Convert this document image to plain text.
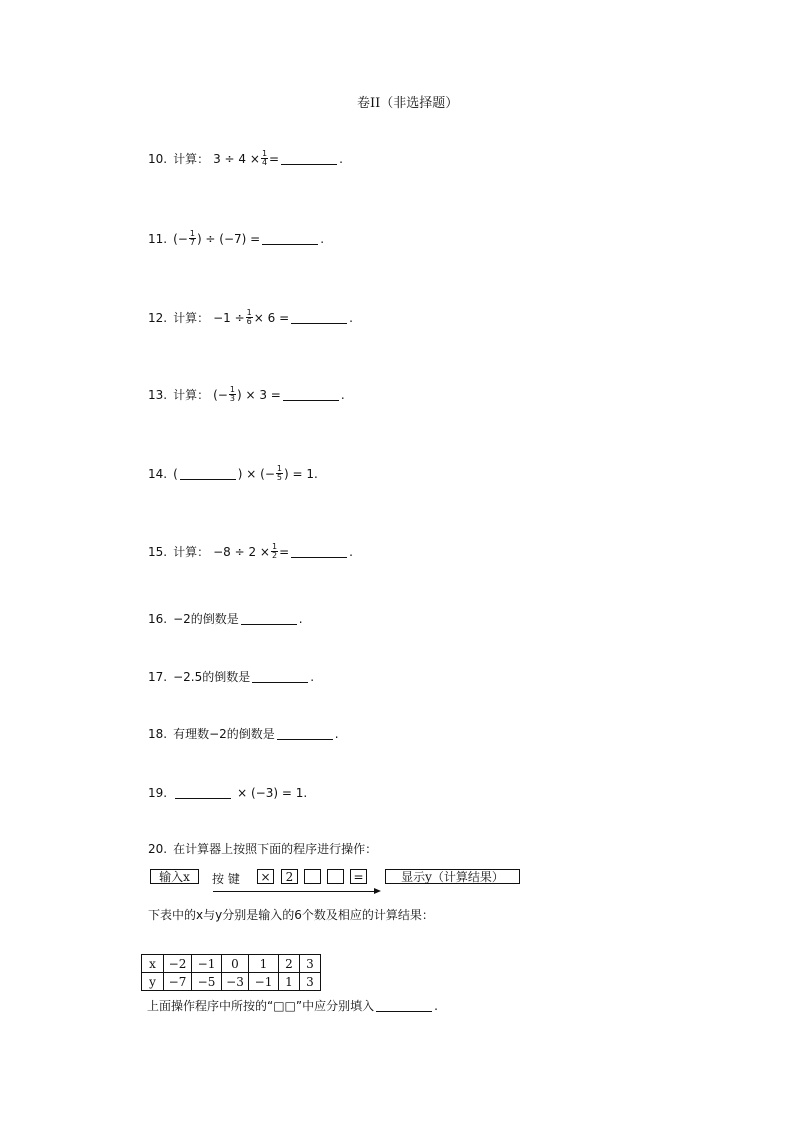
卷II（非选择题）
10. 计算： $3 \div 4 \times \frac{1}{4}$ =	.
11. (− $\frac{1}{7}$ ) ÷ (−7) =	.
12. 计算： $-1 \div \frac{1}{6} \times 6$ =	.
13. 计算： (− $\frac{1}{3}$ ) × 3 =	.
14. (	) × (− $\frac{1}{5}$ ) = 1 .
15. 计算： $-8 \div 2 \times \frac{1}{2}$ =	.
16. −2的倒数是	.
17. −2.5的倒数是	.
18. 有理数−2的倒数是	.
19.	× (−3) = 1 .
20. 在计算器上按照下面的程序进行操作：
输入x	按 键 ×	2	=	显示y（计算结果）
下表中的x与y分别是输入的6个数及相应的计算结果：
x	−2	−1	0	1	2	3
y	−7	−5	−3	−1	1	3
上面操作程序中所按的“□□”中应分别填入	.
